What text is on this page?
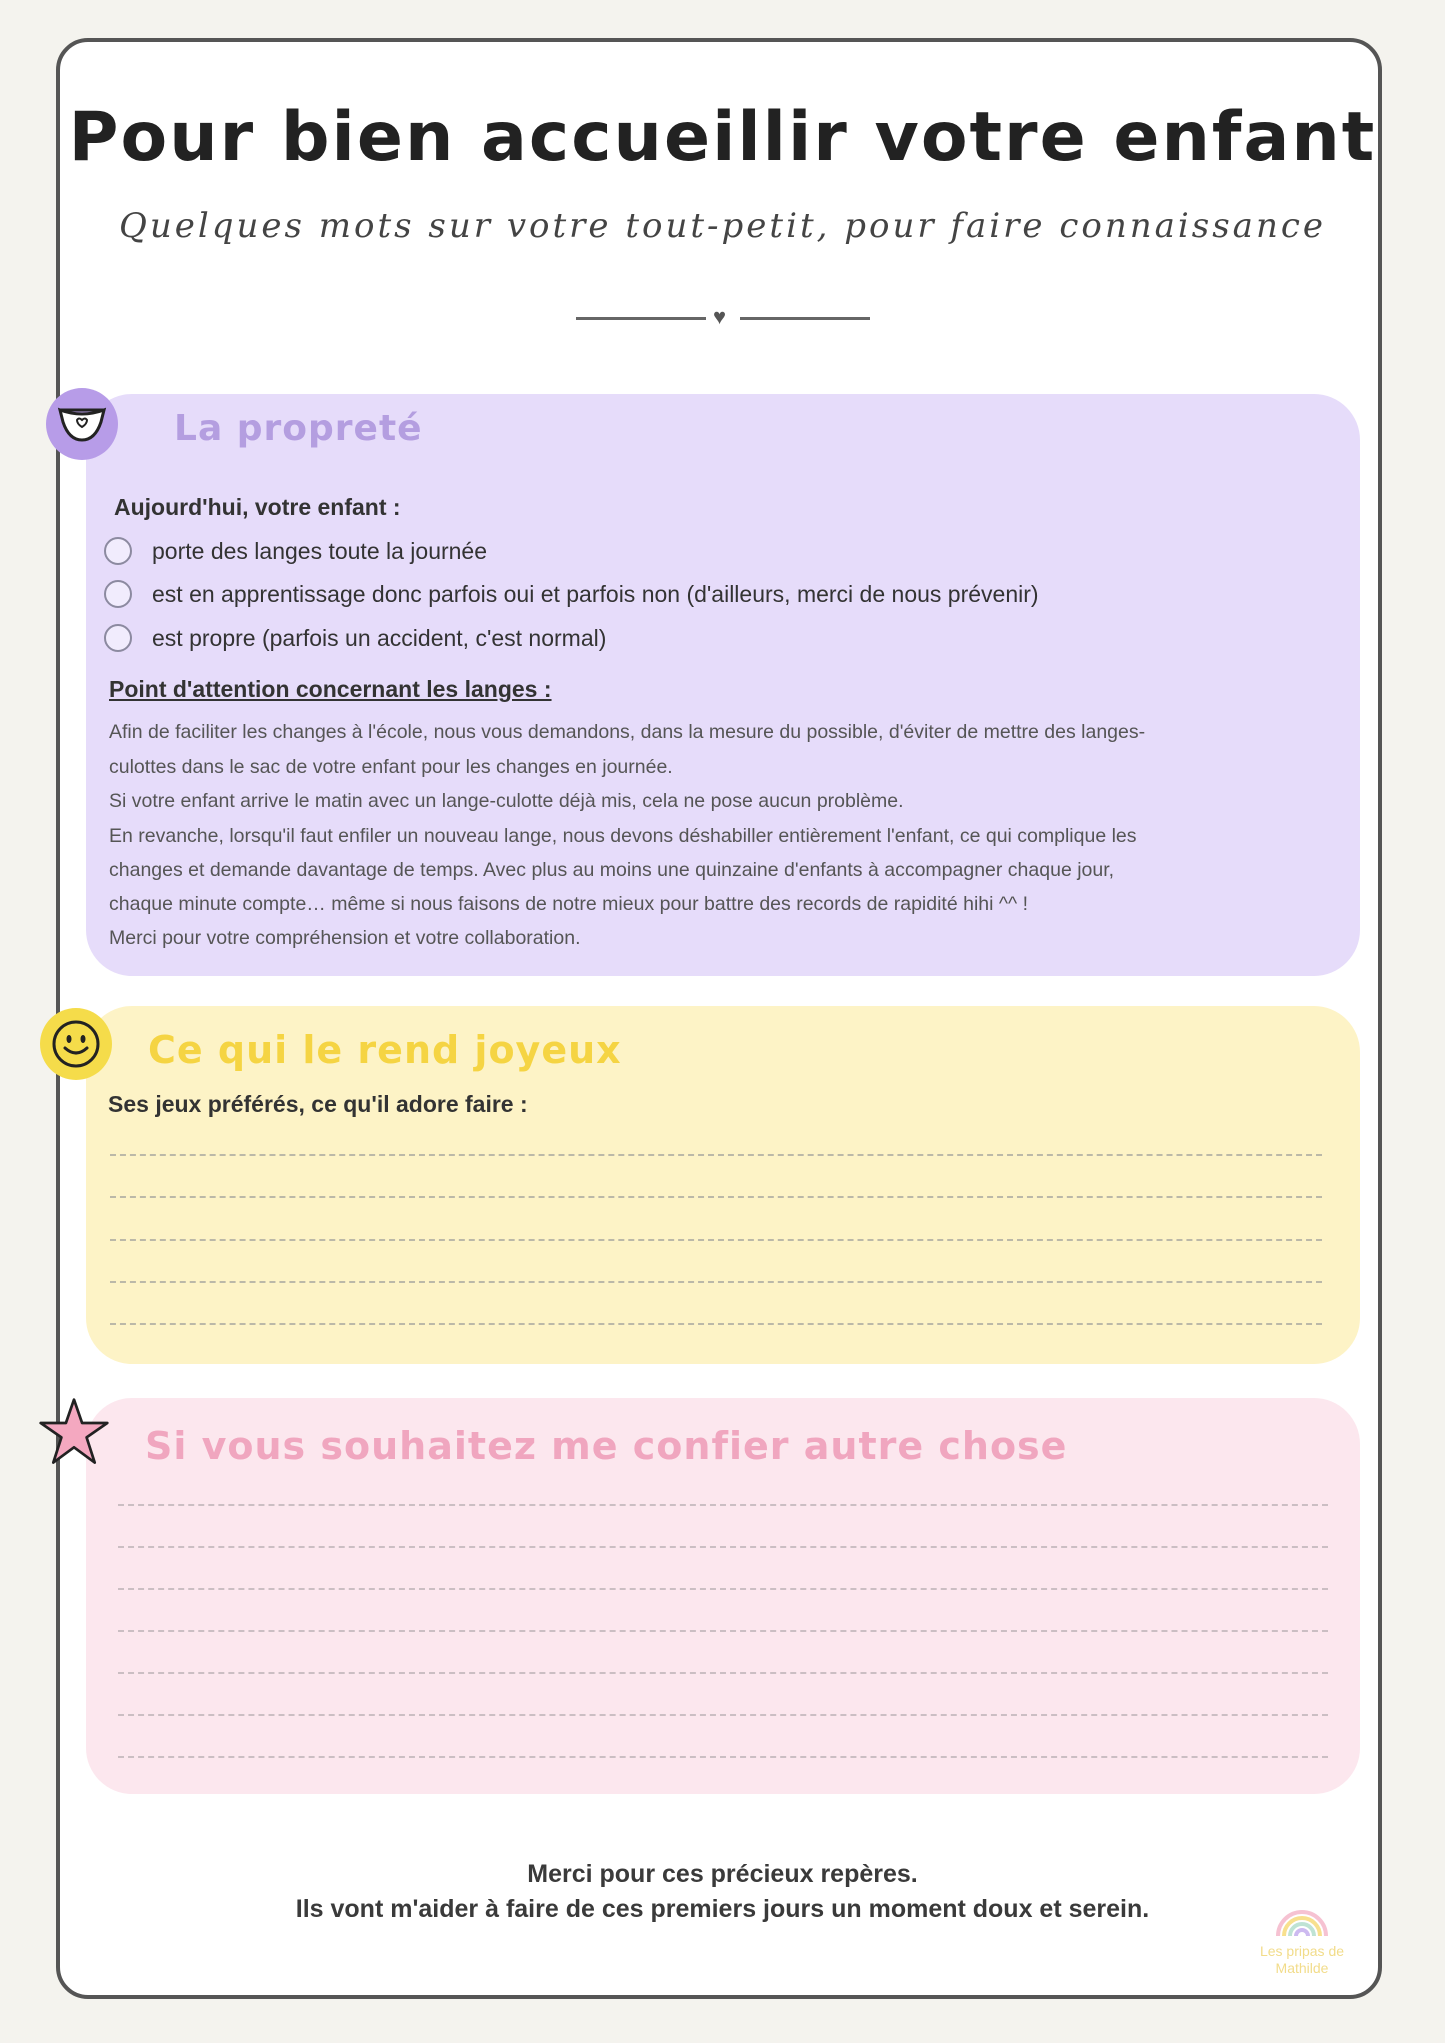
Pour bien accueillir votre enfant
Quelques mots sur votre tout-petit, pour faire connaissance
♥
La propreté
Aujourd'hui, votre enfant :
porte des langes toute la journée
est en apprentissage donc parfois oui et parfois non (d'ailleurs, merci de nous prévenir)
est propre (parfois un accident, c'est normal)
Point d'attention concernant les langes :
Afin de faciliter les changes à l'école, nous vous demandons, dans la mesure du possible, d'éviter de mettre des langes-
culottes dans le sac de votre enfant pour les changes en journée.
Si votre enfant arrive le matin avec un lange-culotte déjà mis, cela ne pose aucun problème.
En revanche, lorsqu'il faut enfiler un nouveau lange, nous devons déshabiller entièrement l'enfant, ce qui complique les
changes et demande davantage de temps. Avec plus au moins une quinzaine d'enfants à accompagner chaque jour,
chaque minute compte… même si nous faisons de notre mieux pour battre des records de rapidité hihi ^^ !
Merci pour votre compréhension et votre collaboration.
Ce qui le rend joyeux
Ses jeux préférés, ce qu'il adore faire :
Si vous souhaitez me confier autre chose
Merci pour ces précieux repères.
Ils vont m'aider à faire de ces premiers jours un moment doux et serein.
Les pripas de
Mathilde
